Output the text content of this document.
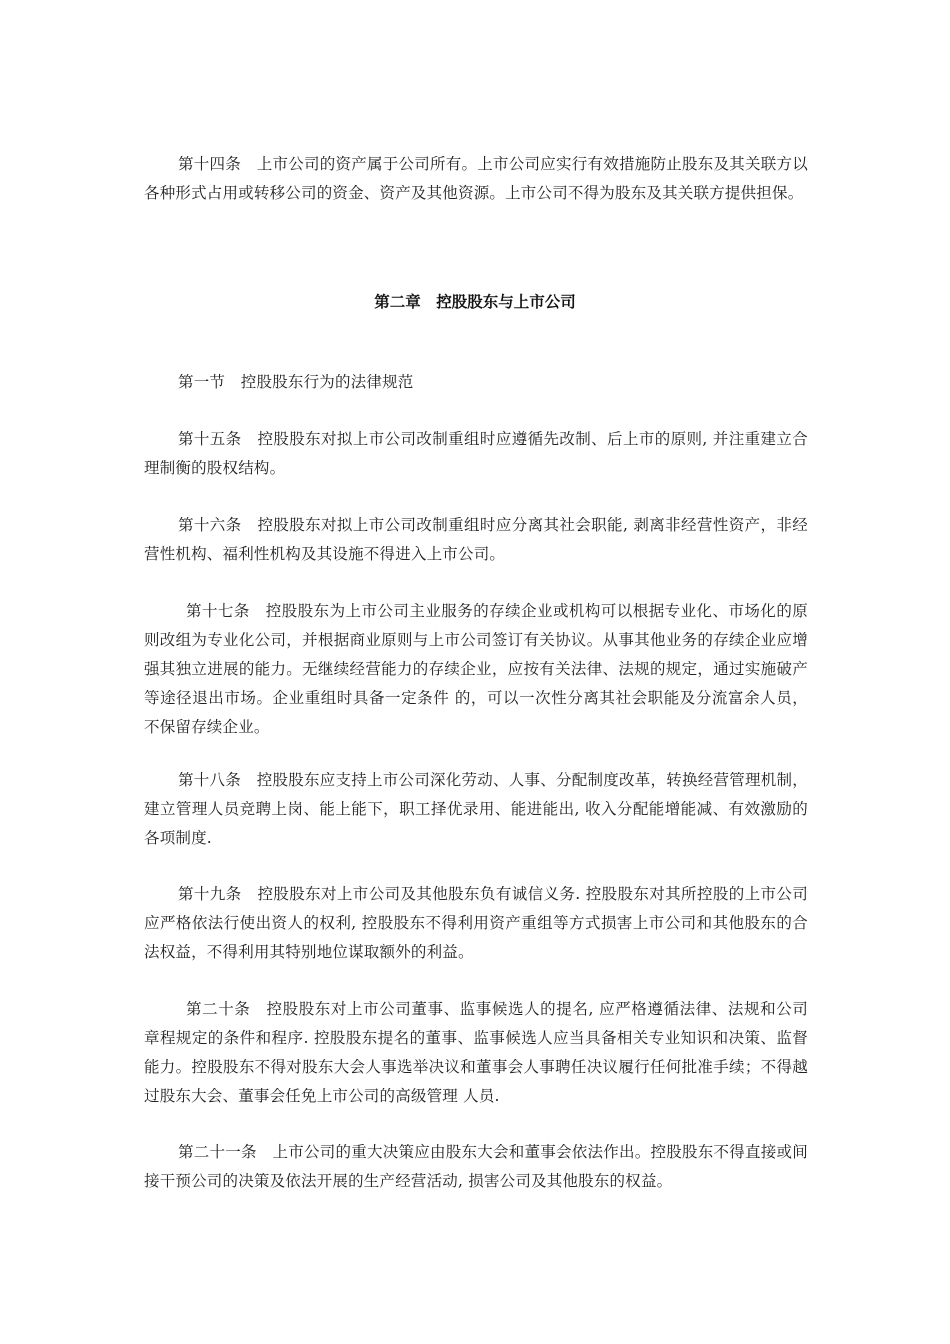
第十四条　上市公司的资产属于公司所有。上市公司应实行有效措施防止股东及其关联方以各种形式占用或转移公司的资金、资产及其他资源。上市公司不得为股东及其关联方提供担保。

第二章　控股股东与上市公司

第一节　控股股东行为的法律规范

第十五条　控股股东对拟上市公司改制重组时应遵循先改制、后上市的原则, 并注重建立合理制衡的股权结构。

第十六条　控股股东对拟上市公司改制重组时应分离其社会职能, 剥离非经营性资产，非经营性机构、福利性机构及其设施不得进入上市公司。

第十七条　控股股东为上市公司主业服务的存续企业或机构可以根据专业化、市场化的原则改组为专业化公司，并根据商业原则与上市公司签订有关协议。从事其他业务的存续企业应增强其独立进展的能力。无继续经营能力的存续企业，应按有关法律、法规的规定，通过实施破产等途径退出市场。企业重组时具备一定条件 的，可以一次性分离其社会职能及分流富余人员，不保留存续企业。

第十八条　控股股东应支持上市公司深化劳动、人事、分配制度改革，转换经营管理机制，建立管理人员竞聘上岗、能上能下，职工择优录用、能进能出, 收入分配能增能减、有效激励的各项制度.

第十九条　控股股东对上市公司及其他股东负有诚信义务. 控股股东对其所控股的上市公司应严格依法行使出资人的权利, 控股股东不得利用资产重组等方式损害上市公司和其他股东的合法权益，不得利用其特别地位谋取额外的利益。

第二十条　控股股东对上市公司董事、监事候选人的提名, 应严格遵循法律、法规和公司章程规定的条件和程序. 控股股东提名的董事、监事候选人应当具备相关专业知识和决策、监督能力。控股股东不得对股东大会人事选举决议和董事会人事聘任决议履行任何批准手续；不得越过股东大会、董事会任免上市公司的高级管理 人员.

第二十一条　上市公司的重大决策应由股东大会和董事会依法作出。控股股东不得直接或间接干预公司的决策及依法开展的生产经营活动, 损害公司及其他股东的权益。
